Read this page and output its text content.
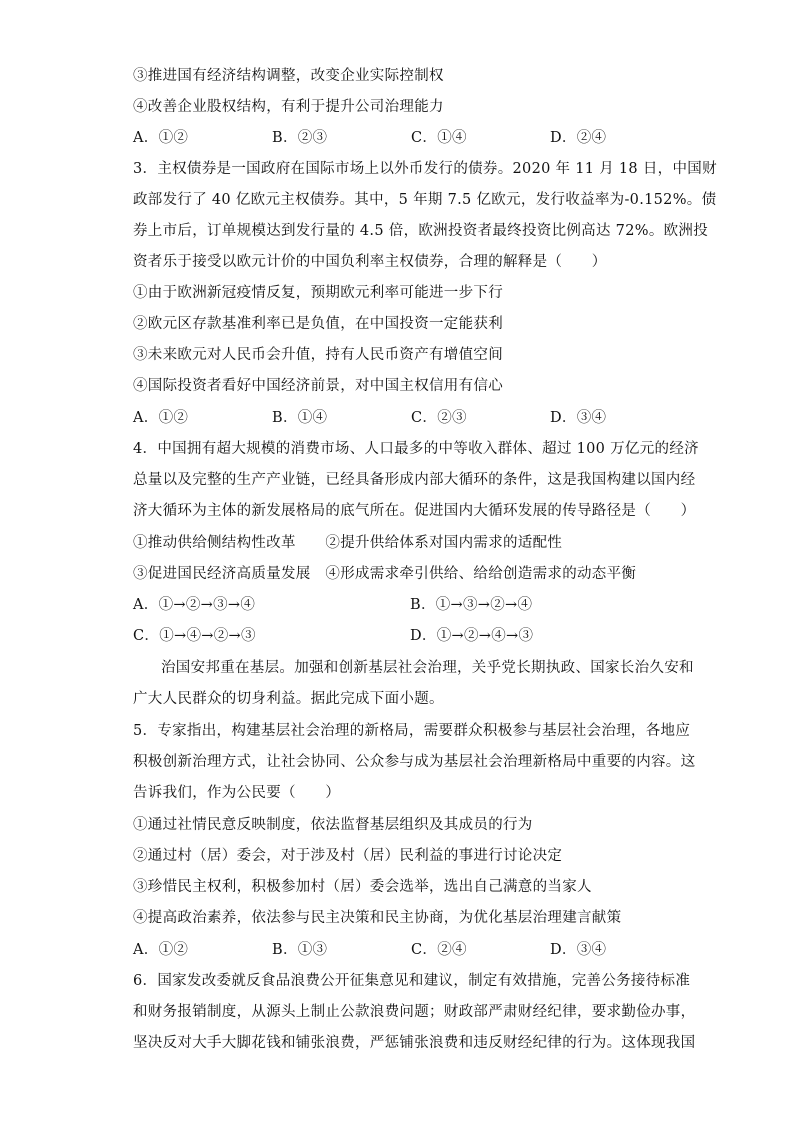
③推进国有经济结构调整，改变企业实际控制权
④改善企业股权结构，有利于提升公司治理能力
A．①②	B．②③	C．①④	D．②④
3．主权债券是一国政府在国际市场上以外币发行的债券。2020 年 11 月 18 日，中国财
政部发行了 40 亿欧元主权债券。其中，5 年期 7.5 亿欧元，发行收益率为-0.152%。债
券上市后，订单规模达到发行量的 4.5 倍，欧洲投资者最终投资比例高达 72%。欧洲投
资者乐于接受以欧元计价的中国负利率主权债券，合理的解释是（　　）
①由于欧洲新冠疫情反复，预期欧元利率可能进一步下行
②欧元区存款基准利率已是负值，在中国投资一定能获利
③未来欧元对人民币会升值，持有人民币资产有增值空间
④国际投资者看好中国经济前景，对中国主权信用有信心
A．①②	B．①④	C．②③	D．③④
4．中国拥有超大规模的消费市场、人口最多的中等收入群体、超过 100 万亿元的经济
总量以及完整的生产产业链，已经具备形成内部大循环的条件，这是我国构建以国内经
济大循环为主体的新发展格局的底气所在。促进国内大循环发展的传导路径是（　　）
①推动供给侧结构性改革　　②提升供给体系对国内需求的适配性
③促进国民经济高质量发展　④形成需求牵引供给、给给创造需求的动态平衡
A．①→②→③→④	B．①→③→②→④
C．①→④→②→③	D．①→②→④→③
治国安邦重在基层。加强和创新基层社会治理，关乎党长期执政、国家长治久安和
广大人民群众的切身利益。据此完成下面小题。
5．专家指出，构建基层社会治理的新格局，需要群众积极参与基层社会治理，各地应
积极创新治理方式，让社会协同、公众参与成为基层社会治理新格局中重要的内容。这
告诉我们，作为公民要（　　）
①通过社情民意反映制度，依法监督基层组织及其成员的行为
②通过村（居）委会，对于涉及村（居）民利益的事进行讨论决定
③珍惜民主权利，积极参加村（居）委会选举，选出自己满意的当家人
④提高政治素养，依法参与民主决策和民主协商，为优化基层治理建言献策
A．①②	B．①③	C．②④	D．③④
6．国家发改委就反食品浪费公开征集意见和建议，制定有效措施，完善公务接待标准
和财务报销制度，从源头上制止公款浪费问题；财政部严肃财经纪律，要求勤俭办事，
坚决反对大手大脚花钱和铺张浪费，严惩铺张浪费和违反财经纪律的行为。这体现我国
